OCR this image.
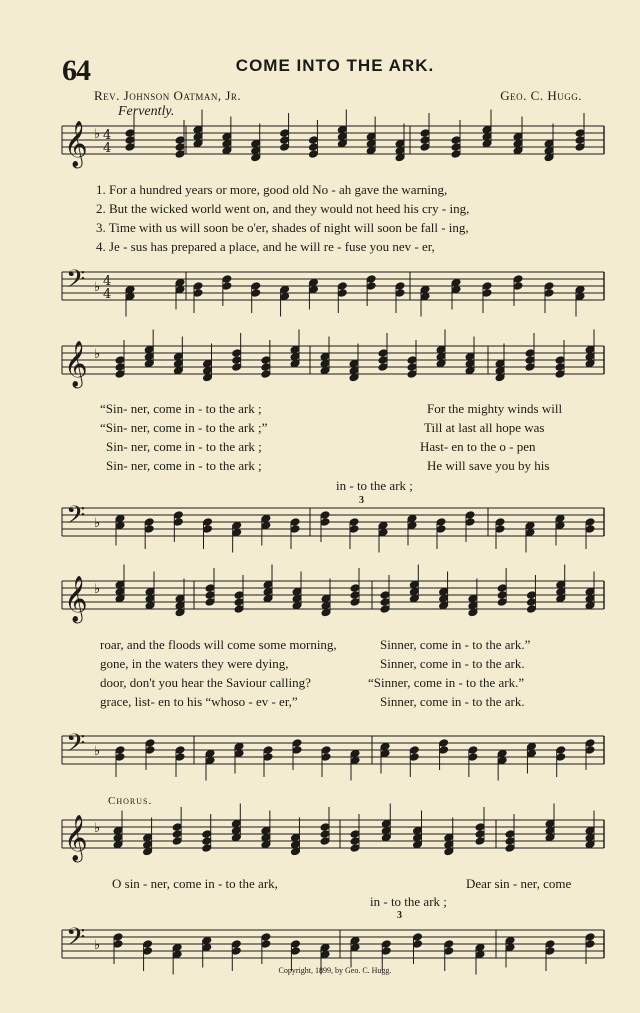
𝄞
𝄢
♭
♭
4
4
4
4
𝄞
𝄢
♭
♭
𝄞
𝄢
♭
♭
𝄞
𝄢
♭
♭
64	COME INTO THE ARK.
Rev. Johnson Oatman, Jr.	Geo. C. Hugg.
Fervently.
1. For a hundred years or more, good old No - ah gave the warning,
2. But the wicked world went on, and they would not heed his cry - ing,
3. Time with us will soon be o'er, shades of night will soon be fall - ing,
4. Je - sus has prepared a place, and he will re - fuse you nev - er,
“Sin- ner, come in - to the ark ;	For the mighty winds will
“Sin- ner, come in - to the ark ;”	Till at last all hope was
Sin- ner, come in - to the ark ;	Hast- en to the o - pen
Sin- ner, come in - to the ark ;	He will save you by his
in - to the ark ;
3
roar, and the floods will come some morning,	Sinner, come in - to the ark.”
gone, in the waters they were dying,	Sinner, come in - to the ark.
door, don't you hear the Saviour calling?	“Sinner, come in - to the ark.”
grace, list- en to his “whoso - ev - er,”	Sinner, come in - to the ark.
Chorus.
O sin - ner, come in - to the ark,	Dear sin - ner, come
in - to the ark ;
3
Copyright, 1899, by Geo. C. Hugg.
